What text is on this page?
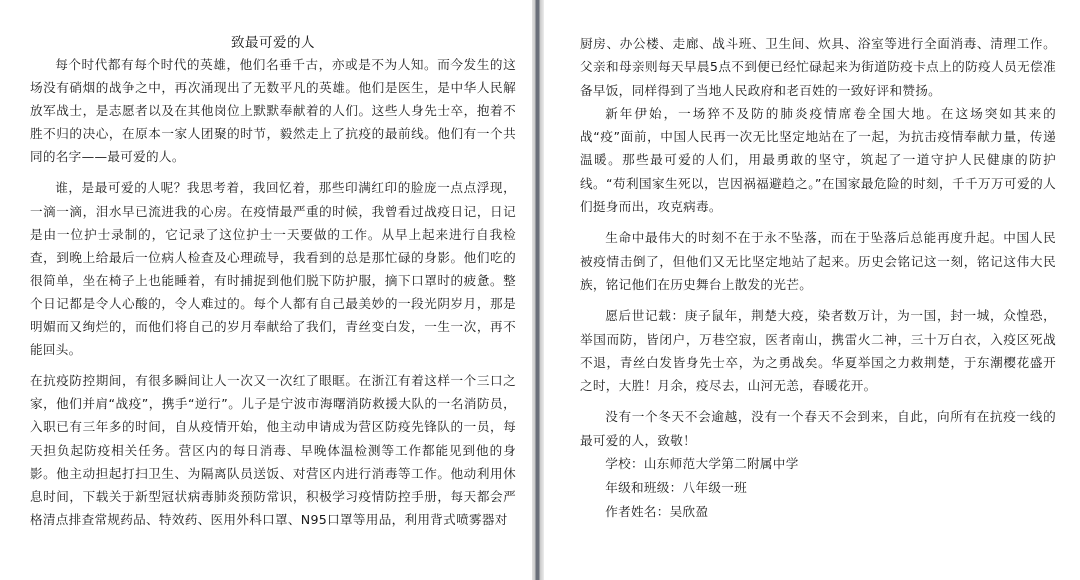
致最可爱的人

每个时代都有每个时代的英雄，他们名垂千古，亦或是不为人知。而今发生的这场没有硝烟的战争之中，再次涌现出了无数平凡的英雄。他们是医生，是中华人民解放军战士，是志愿者以及在其他岗位上默默奉献着的人们。这些人身先士卒，抱着不胜不归的决心，在原本一家人团聚的时节，毅然走上了抗疫的最前线。他们有一个共同的名字——最可爱的人。

谁，是最可爱的人呢？我思考着，我回忆着，那些印满红印的脸庞一点点浮现，一滴一滴，泪水早已流进我的心房。在疫情最严重的时候，我曾看过战疫日记，日记是由一位护士录制的，它记录了这位护士一天要做的工作。从早上起来进行自我检查，到晚上给最后一位病人检查及心理疏导，我看到的总是那忙碌的身影。他们吃的很简单，坐在椅子上也能睡着，有时捕捉到他们脱下防护服，摘下口罩时的疲惫。整个日记都是令人心酸的，令人难过的。每个人都有自己最美妙的一段光阴岁月，那是明媚而又绚烂的，而他们将自己的岁月奉献给了我们，青丝变白发，一生一次，再不能回头。

在抗疫防控期间，有很多瞬间让人一次又一次红了眼眶。在浙江有着这样一个三口之家，他们并肩“战疫”，携手“逆行”。儿子是宁波市海曙消防救援大队的一名消防员，入职已有三年多的时间，自从疫情开始，他主动申请成为营区防疫先锋队的一员，每天担负起防疫相关任务。营区内的每日消毒、早晚体温检测等工作都能见到他的身影。他主动担起打扫卫生、为隔离队员送饭、对营区内进行消毒等工作。他动利用休息时间，下载关于新型冠状病毒肺炎预防常识，积极学习疫情防控手册，每天都会严格清点排查常规药品、特效药、医用外科口罩、N95口罩等用品，利用背式喷雾器对

厨房、办公楼、走廊、战斗班、卫生间、炊具、浴室等进行全面消毒、清理工作。父亲和母亲则每天早晨5点不到便已经忙碌起来为街道防疫卡点上的防疫人员无偿准备早饭，同样得到了当地人民政府和老百姓的一致好评和赞扬。

新年伊始，一场猝不及防的肺炎疫情席卷全国大地。在这场突如其来的战“疫”面前，中国人民再一次无比坚定地站在了一起，为抗击疫情奉献力量，传递温暖。那些最可爱的人们，用最勇敢的坚守，筑起了一道守护人民健康的防护线。“苟利国家生死以，岂因祸福避趋之。”在国家最危险的时刻，千千万万可爱的人们挺身而出，攻克病毒。

生命中最伟大的时刻不在于永不坠落，而在于坠落后总能再度升起。中国人民被疫情击倒了，但他们又无比坚定地站了起来。历史会铭记这一刻，铭记这伟大民族，铭记他们在历史舞台上散发的光芒。

愿后世记载：庚子鼠年，荆楚大疫，染者数万计，为一国，封一城，众惶恐，举国而防，皆闭户，万巷空寂，医者南山，携雷火二神，三十万白衣，入疫区死战不退，青丝白发皆身先士卒，为之勇战矣。华夏举国之力救荆楚，于东潮樱花盛开之时，大胜！月余，疫尽去，山河无恙，春暖花开。

没有一个冬天不会逾越，没有一个春天不会到来，自此，向所有在抗疫一线的最可爱的人，致敬！

学校：山东师范大学第二附属中学
年级和班级：八年级一班
作者姓名：吴欣盈
